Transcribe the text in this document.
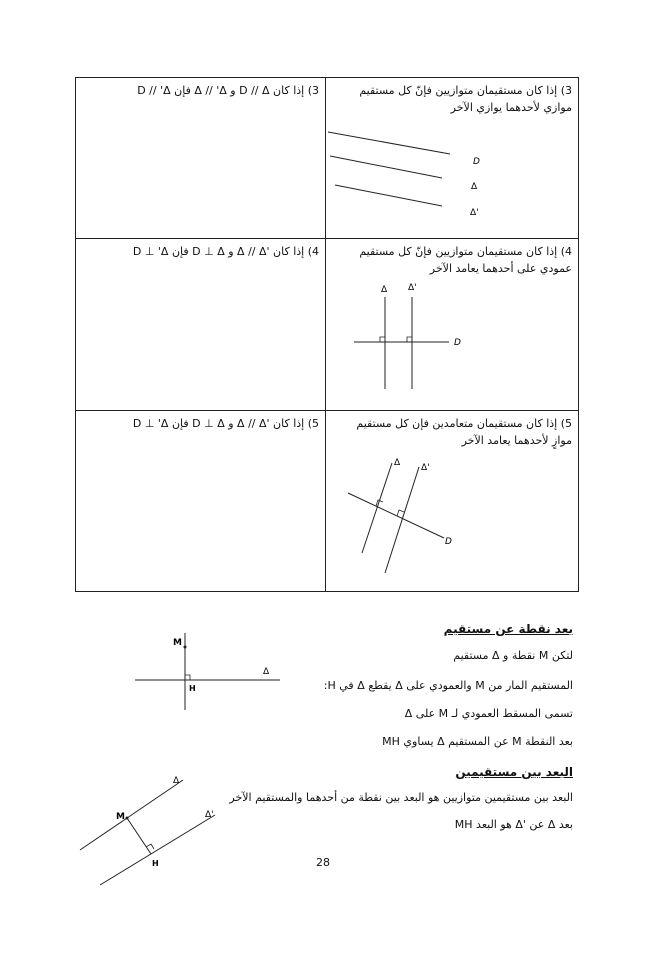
3) إذا كان D // Δ و Δ // 'Δ فإن D // 'Δ	3) إذا كان مستقيمان متوازيين فإنّ كل مستقيم موازي لأحدهما يوازي الآخر
D
Δ
Δ'

4) إذا كان 'Δ // Δ و D ⊥ Δ فإن D ⊥ 'Δ	4) إذا كان مستقيمان متوازيين فإنّ كل مستقيم عمودي على أحدهما يعامد الآخر
Δ Δ'
D

5) إذا كان 'Δ // Δ و D ⊥ Δ فإن D ⊥ 'Δ	5) إذا كان مستقيمان متعامدين فإن كل مستقيم موازٍ لأحدهما يعامد الآخر
Δ Δ'
D
بعد نقطة عن مستقيم
لتكن M نقطة و Δ مستقيم
المستقيم المار من M والعمودي على Δ يقطع Δ في H:
تسمى المسقط العمودي لـ M على Δ
بعد النقطة M عن المستقيم Δ يساوي MH
M
H
Δ
البعد بين مستقيمين
البعد بين مستقيمين متوازيين هو البعد بين نقطة من أحدهما والمستقيم الآخر
بعد Δ عن 'Δ هو البعد MH
Δ
Δ'
M
H	28
